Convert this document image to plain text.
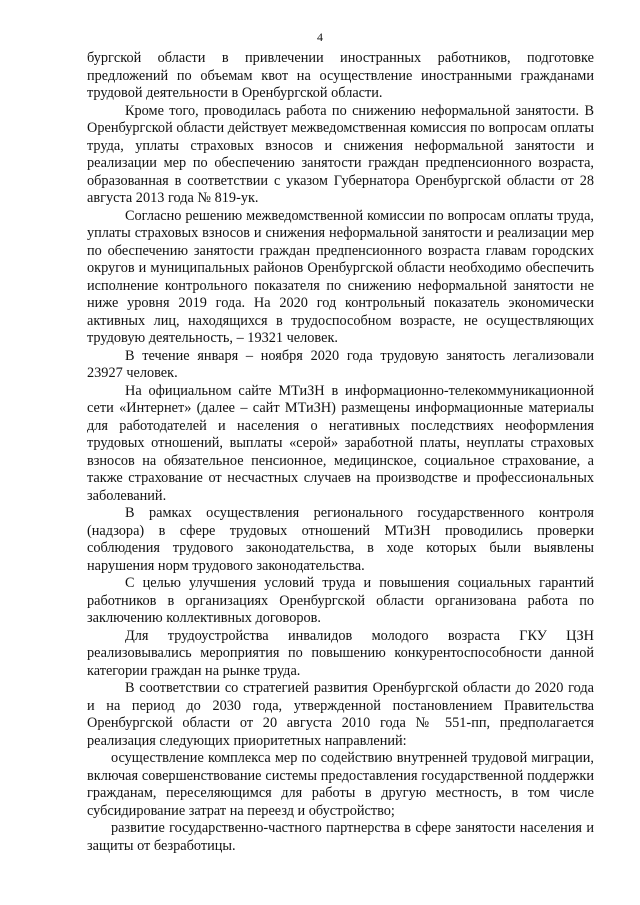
4

бургской области в привлечении иностранных работников, подготовке предложений по объемам квот на осуществление иностранными гражданами трудовой деятельности в Оренбургской области.

Кроме того, проводилась работа по снижению неформальной занятости. В Оренбургской области действует межведомственная комиссия по вопросам оплаты труда, уплаты страховых взносов и снижения неформальной занятости и реализации мер по обеспечению занятости граждан предпенсионного возраста, образованная в соответствии с указом Губернатора Оренбургской области от 28 августа 2013 года № 819-ук.

Согласно решению межведомственной комиссии по вопросам оплаты труда, уплаты страховых взносов и снижения неформальной занятости и реализации мер по обеспечению занятости граждан предпенсионного возраста главам городских округов и муниципальных районов Оренбургской области необходимо обеспечить исполнение контрольного показателя по снижению неформальной занятости не ниже уровня 2019 года. На 2020 год контрольный показатель экономически активных лиц, находящихся в трудоспособном возрасте, не осуществляющих трудовую деятельность, – 19321 человек.

В течение января – ноября 2020 года трудовую занятость легализовали 23927 человек.

На официальном сайте МТиЗН в информационно-телекоммуникационной сети «Интернет» (далее – сайт МТиЗН) размещены информационные материалы для работодателей и населения о негативных последствиях неоформления трудовых отношений, выплаты «серой» заработной платы, неуплаты страховых взносов на обязательное пенсионное, медицинское, социальное страхование, а также страхование от несчастных случаев на производстве и профессиональных заболеваний.

В рамках осуществления регионального государственного контроля (надзора) в сфере трудовых отношений МТиЗН проводились проверки соблюдения трудового законодательства, в ходе которых были выявлены нарушения норм трудового законодательства.

С целью улучшения условий труда и повышения социальных гарантий работников в организациях Оренбургской области организована работа по заключению коллективных договоров.

Для трудоустройства инвалидов молодого возраста ГКУ ЦЗН реализовывались мероприятия по повышению конкурентоспособности данной категории граждан на рынке труда.

В соответствии со стратегией развития Оренбургской области до 2020 года и на период до 2030 года, утвержденной постановлением Правительства Оренбургской области от 20 августа 2010 года № 551-пп, предполагается реализация следующих приоритетных направлений:

осуществление комплекса мер по содействию внутренней трудовой миграции, включая совершенствование системы предоставления государственной поддержки гражданам, переселяющимся для работы в другую местность, в том числе субсидирование затрат на переезд и обустройство;

развитие государственно-частного партнерства в сфере занятости населения и защиты от безработицы.
